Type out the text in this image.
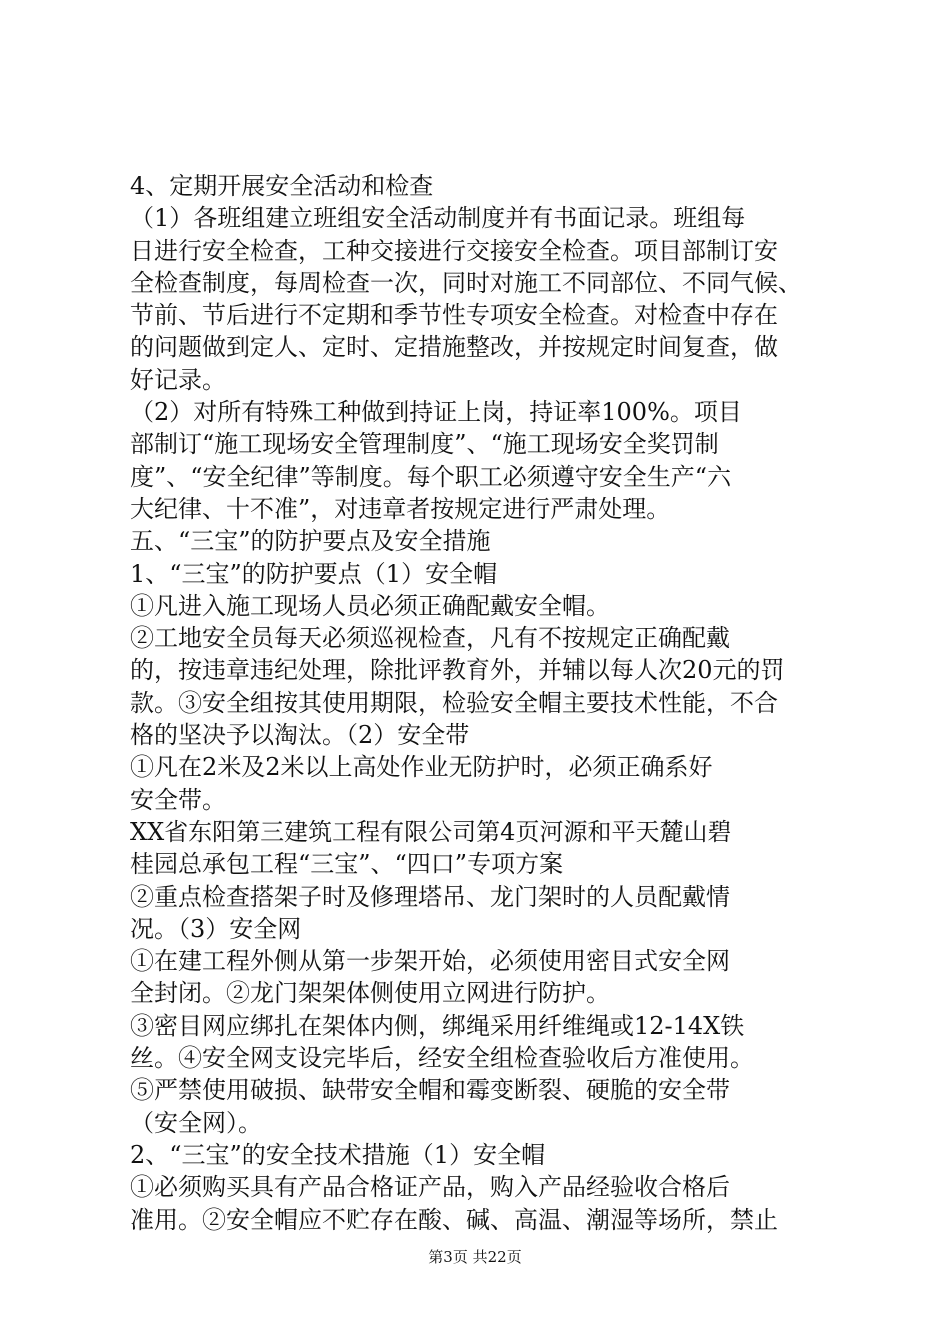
4、定期开展安全活动和检查
（1）各班组建立班组安全活动制度并有书面记录。班组每
日进行安全检查，工种交接进行交接安全检查。项目部制订安
全检查制度，每周检查一次，同时对施工不同部位、不同气候、
节前、节后进行不定期和季节性专项安全检查。对检查中存在
的问题做到定人、定时、定措施整改，并按规定时间复查，做
好记录。
（2）对所有特殊工种做到持证上岗，持证率100%。项目
部制订“施工现场安全管理制度”、“施工现场安全奖罚制
度”、“安全纪律”等制度。每个职工必须遵守安全生产“六
大纪律、十不准”，对违章者按规定进行严肃处理。
五、“三宝”的防护要点及安全措施
1、“三宝”的防护要点（1）安全帽
①凡进入施工现场人员必须正确配戴安全帽。
②工地安全员每天必须巡视检查，凡有不按规定正确配戴
的，按违章违纪处理，除批评教育外，并辅以每人次20元的罚
款。③安全组按其使用期限，检验安全帽主要技术性能，不合
格的坚决予以淘汰。（2）安全带
①凡在2米及2米以上高处作业无防护时，必须正确系好
安全带。
XX省东阳第三建筑工程有限公司第4页河源和平天麓山碧
桂园总承包工程“三宝”、“四口”专项方案
②重点检查搭架子时及修理塔吊、龙门架时的人员配戴情
况。（3）安全网
①在建工程外侧从第一步架开始，必须使用密目式安全网
全封闭。②龙门架架体侧使用立网进行防护。
③密目网应绑扎在架体内侧，绑绳采用纤维绳或12-14X铁
丝。④安全网支设完毕后，经安全组检查验收后方准使用。
⑤严禁使用破损、缺带安全帽和霉变断裂、硬脆的安全带
（安全网）。
2、“三宝”的安全技术措施（1）安全帽
①必须购买具有产品合格证产品，购入产品经验收合格后
准用。②安全帽应不贮存在酸、碱、高温、潮湿等场所，禁止
第3页 共22页
